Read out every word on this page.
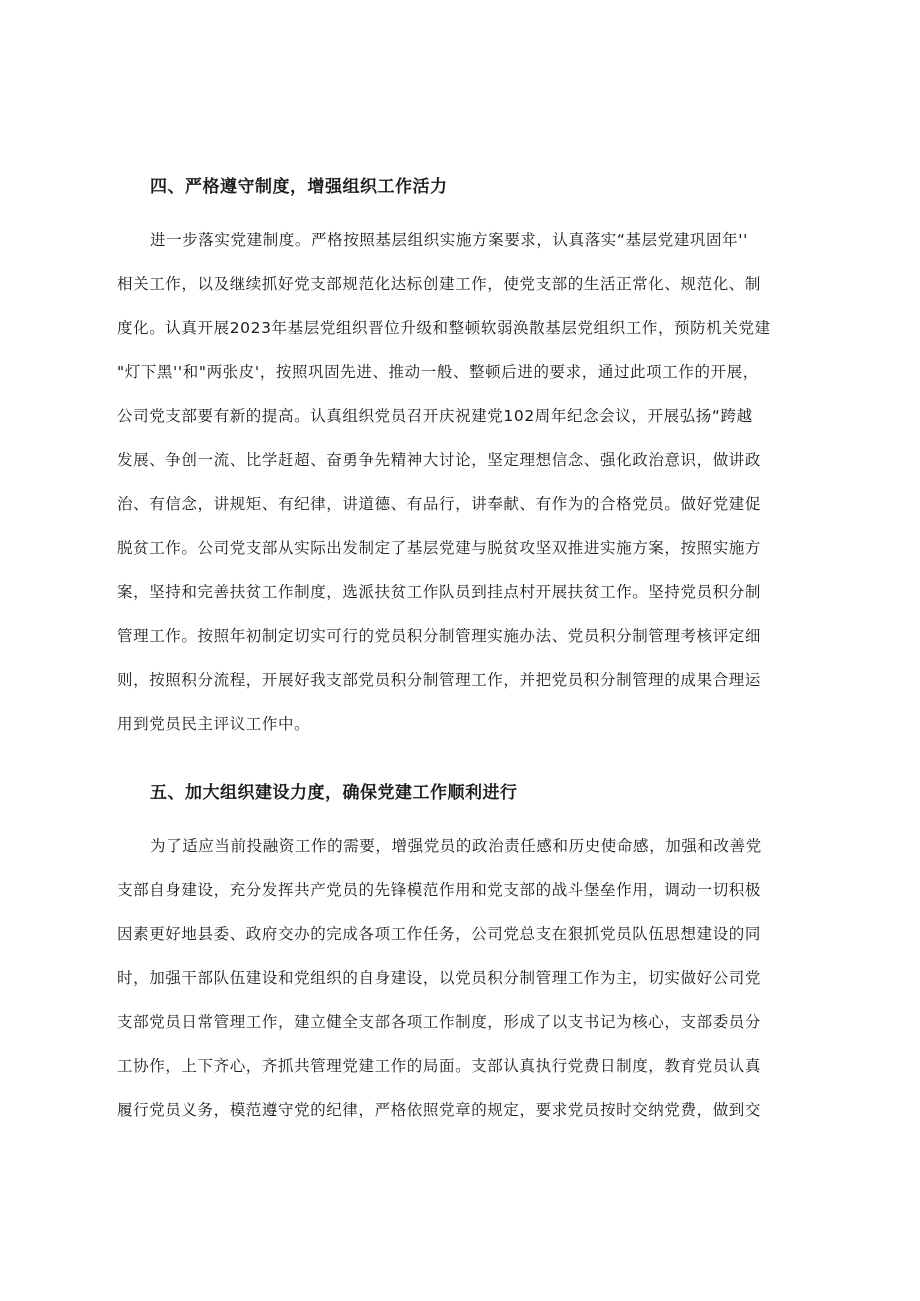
四、严格遵守制度，增强组织工作活力
进一步落实党建制度。严格按照基层组织实施方案要求，认真落实“基层党建巩固年''
相关工作，以及继续抓好党支部规范化达标创建工作，使党支部的生活正常化、规范化、制
度化。认真开展2023年基层党组织晋位升级和整顿软弱涣散基层党组织工作，预防机关党建
"灯下黑''和"两张皮'，按照巩固先进、推动一般、整顿后进的要求，通过此项工作的开展，
公司党支部要有新的提高。认真组织党员召开庆祝建党102周年纪念会议，开展弘扬“跨越
发展、争创一流、比学赶超、奋勇争先精神大讨论，坚定理想信念、强化政治意识，做讲政
治、有信念，讲规矩、有纪律，讲道德、有品行，讲奉献、有作为的合格党员。做好党建促
脱贫工作。公司党支部从实际出发制定了基层党建与脱贫攻坚双推进实施方案，按照实施方
案，坚持和完善扶贫工作制度，选派扶贫工作队员到挂点村开展扶贫工作。坚持党员积分制
管理工作。按照年初制定切实可行的党员积分制管理实施办法、党员积分制管理考核评定细
则，按照积分流程，开展好我支部党员积分制管理工作，并把党员积分制管理的成果合理运
用到党员民主评议工作中。
五、加大组织建设力度，确保党建工作顺利进行
为了适应当前投融资工作的需要，增强党员的政治责任感和历史使命感，加强和改善党
支部自身建设，充分发挥共产党员的先锋模范作用和党支部的战斗堡垒作用，调动一切积极
因素更好地县委、政府交办的完成各项工作任务，公司党总支在狠抓党员队伍思想建设的同
时，加强干部队伍建设和党组织的自身建设，以党员积分制管理工作为主，切实做好公司党
支部党员日常管理工作，建立健全支部各项工作制度，形成了以支书记为核心，支部委员分
工协作，上下齐心，齐抓共管理党建工作的局面。支部认真执行党费日制度，教育党员认真
履行党员义务，模范遵守党的纪律，严格依照党章的规定，要求党员按时交纳党费，做到交
